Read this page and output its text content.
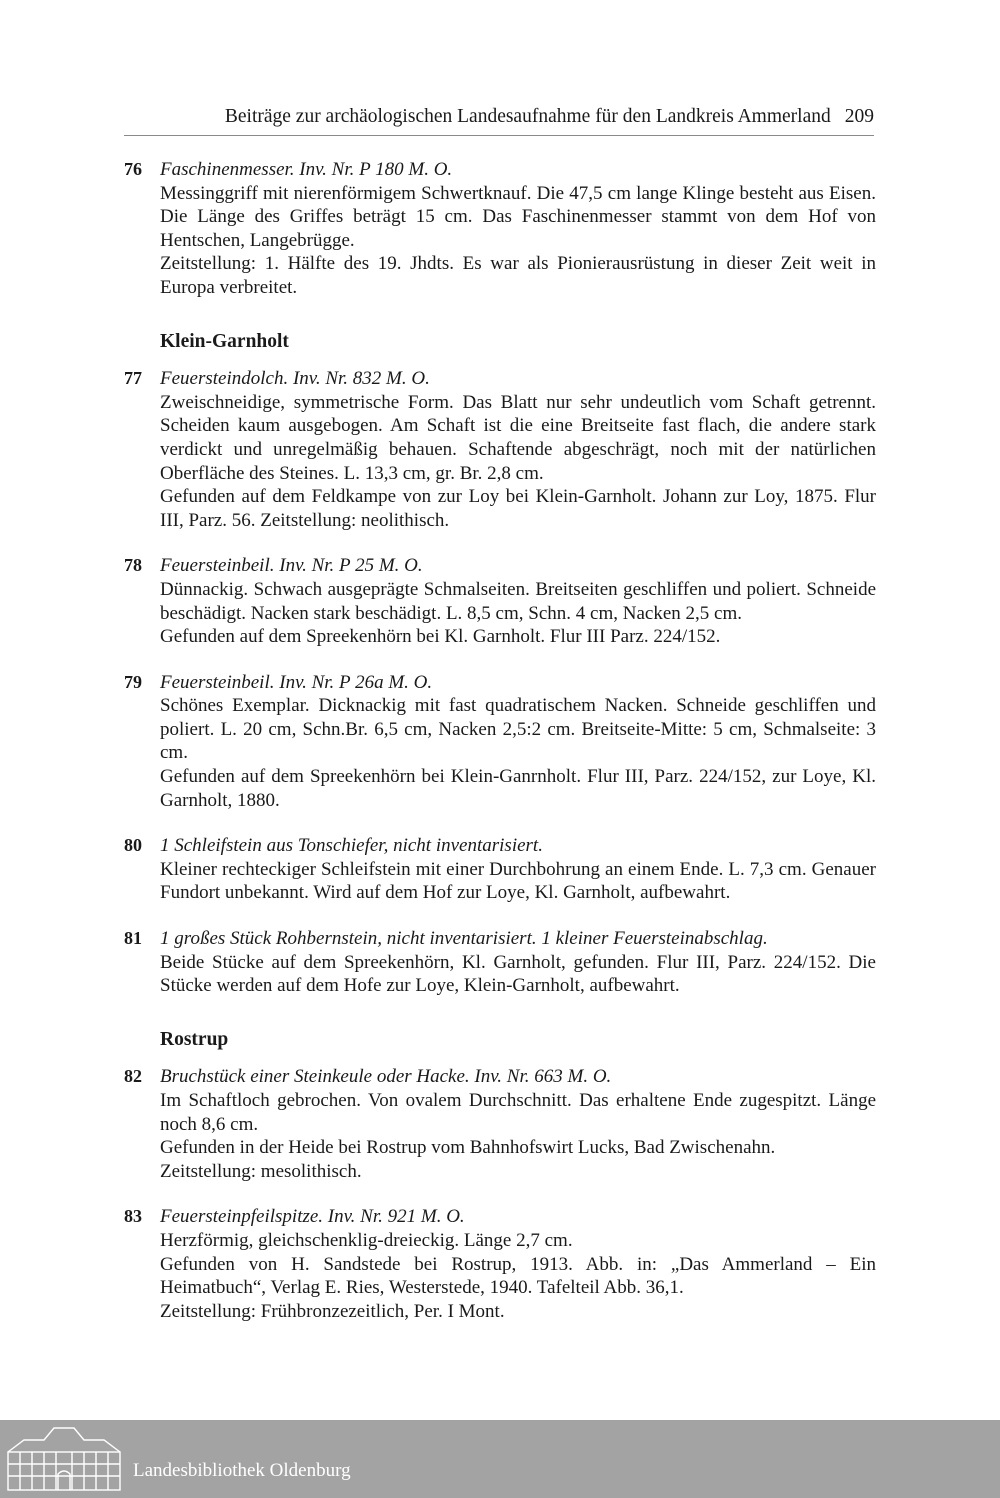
Beiträge zur archäologischen Landesaufnahme für den Landkreis Ammerland 209
76 Faschinenmesser. Inv. Nr. P 180 M. O.
Messinggriff mit nierenförmigem Schwertknauf. Die 47,5 cm lange Klinge besteht aus Eisen. Die Länge des Griffes beträgt 15 cm. Das Faschinenmesser stammt von dem Hof von Hentschen, Langebrügge.
Zeitstellung: 1. Hälfte des 19. Jhdts. Es war als Pionierausrüstung in dieser Zeit weit in Europa verbreitet.
Klein-Garnholt
77 Feuersteindolch. Inv. Nr. 832 M. O.
Zweischneidige, symmetrische Form. Das Blatt nur sehr undeutlich vom Schaft getrennt. Scheiden kaum ausgebogen. Am Schaft ist die eine Breitseite fast flach, die andere stark verdickt und unregelmäßig behauen. Schaftende abgeschrägt, noch mit der natürlichen Oberfläche des Steines. L. 13,3 cm, gr. Br. 2,8 cm.
Gefunden auf dem Feldkampe von zur Loy bei Klein-Garnholt. Johann zur Loy, 1875. Flur III, Parz. 56. Zeitstellung: neolithisch.
78 Feuersteinbeil. Inv. Nr. P 25 M. O.
Dünnackig. Schwach ausgeprägte Schmalseiten. Breitseiten geschliffen und poliert. Schneide beschädigt. Nacken stark beschädigt. L. 8,5 cm, Schn. 4 cm, Nacken 2,5 cm.
Gefunden auf dem Spreekenhörn bei Kl. Garnholt. Flur III Parz. 224/152.
79 Feuersteinbeil. Inv. Nr. P 26a M. O.
Schönes Exemplar. Dicknackig mit fast quadratischem Nacken. Schneide geschliffen und poliert. L. 20 cm, Schn.Br. 6,5 cm, Nacken 2,5:2 cm. Breitseite-Mitte: 5 cm, Schmalseite: 3 cm.
Gefunden auf dem Spreekenhörn bei Klein-Ganrnholt. Flur III, Parz. 224/152, zur Loye, Kl. Garnholt, 1880.
80 1 Schleifstein aus Tonschiefer, nicht inventarisiert.
Kleiner rechteckiger Schleifstein mit einer Durchbohrung an einem Ende. L. 7,3 cm. Genauer Fundort unbekannt. Wird auf dem Hof zur Loye, Kl. Garnholt, aufbewahrt.
81 1 großes Stück Rohbernstein, nicht inventarisiert. 1 kleiner Feuersteinabschlag.
Beide Stücke auf dem Spreekenhörn, Kl. Garnholt, gefunden. Flur III, Parz. 224/152. Die Stücke werden auf dem Hofe zur Loye, Klein-Garnholt, aufbewahrt.
Rostrup
82 Bruchstück einer Steinkeule oder Hacke. Inv. Nr. 663 M. O.
Im Schaftloch gebrochen. Von ovalem Durchschnitt. Das erhaltene Ende zugespitzt. Länge noch 8,6 cm.
Gefunden in der Heide bei Rostrup vom Bahnhofswirt Lucks, Bad Zwischenahn.
Zeitstellung: mesolithisch.
83 Feuersteinpfeilspitze. Inv. Nr. 921 M. O.
Herzförmig, gleichschenklig-dreieckig. Länge 2,7 cm.
Gefunden von H. Sandstede bei Rostrup, 1913. Abb. in: „Das Ammerland – Ein Heimatbuch“, Verlag E. Ries, Westerstede, 1940. Tafelteil Abb. 36,1.
Zeitstellung: Frühbronzezeitlich, Per. I Mont.
Landesbibliothek Oldenburg
